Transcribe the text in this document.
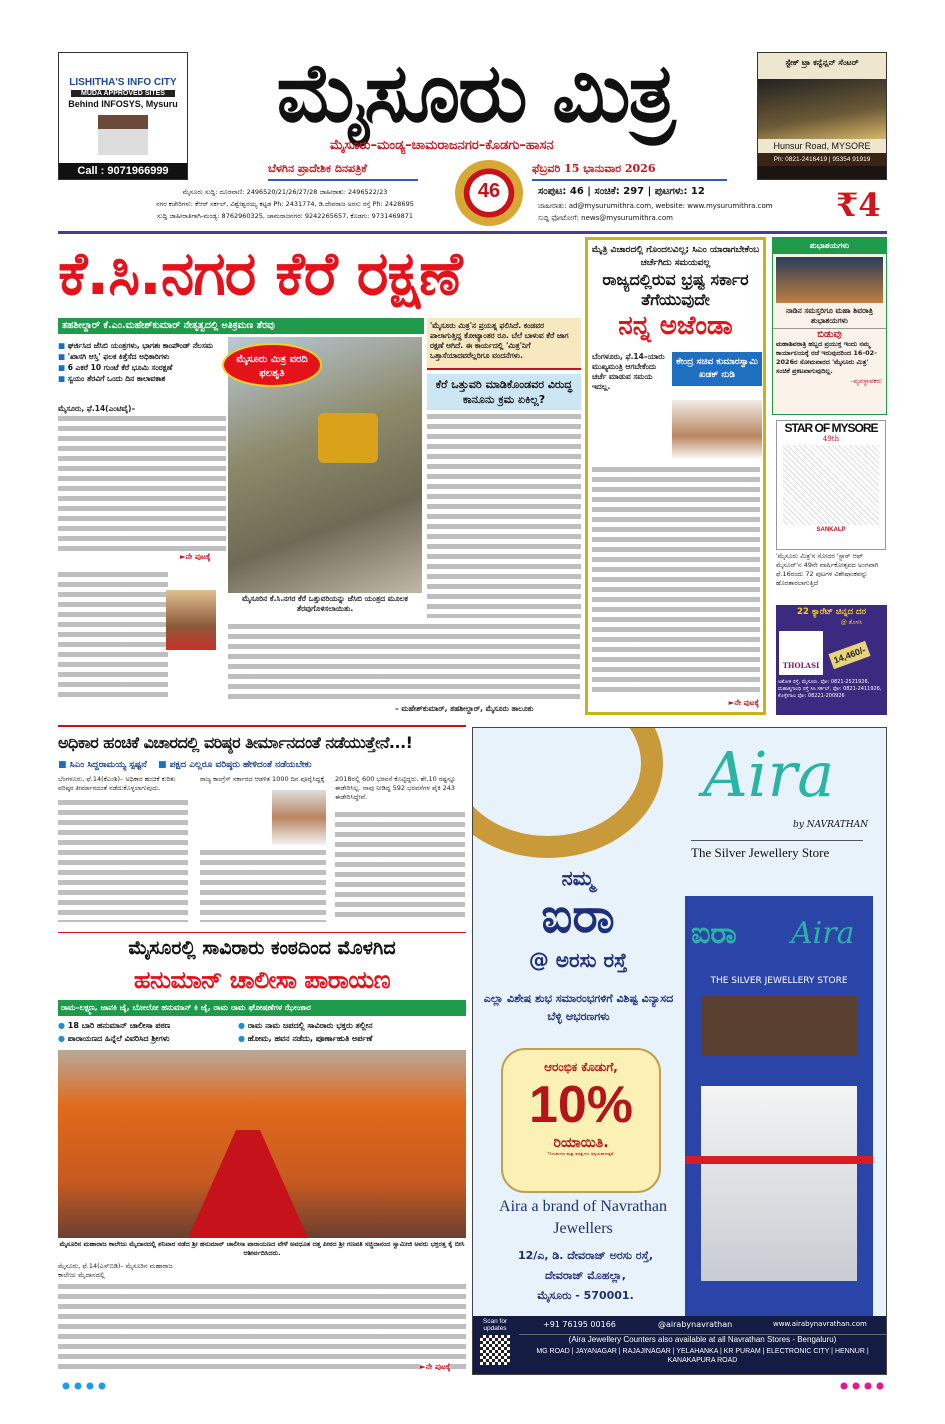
LISHITHA'S INFO CITY
MUDA APPROVED SITES
Behind INFOSYS, Mysuru
Call : 9071966999
ಮೈಸೂರು ಮಿತ್ರ
ಮೈಸೂರು–ಮಂಡ್ಯ–ಚಾಮರಾಜನಗರ–ಕೊಡಗು–ಹಾಸನ
ಬೆಳಗಿನ ಪ್ರಾದೇಶಿಕ ದಿನಪತ್ರಿಕೆ	ಫೆಬ್ರವರಿ 15 ಭಾನುವಾರ 2026
46
ಸ್ಟೇಕ್ ಟ್ರಾ ಕನ್ವೆನ್ಷನ್ ಸೆಂಟರ್
Hunsur Road, MYSORE
Ph: 0821-2416419 | 95354 91919
ಮೈಸೂರು ಸುದ್ದಿ: ದೂರವಾಣಿ: 2496520/21/26/27/28 ಜಾಹೀರಾತು: 2496522/23
ನಗರ ಕಚೇರಿಗಳು: ಕೆಆರ್ ಸರ್ಕಲ್, ವಿಶ್ವೇಶ್ವರಯ್ಯ ಕಟ್ಟಡ Ph: 2431774, ಡಿ.ದೇವರಾಜ ಅರಸು ರಸ್ತೆ Ph: 2428695
ಸುದ್ದಿ ಜಾಹೀರಾತಿಗಾಗಿ-ಮಂಡ್ಯ: 8762960325, ಚಾಮರಾಜನಗರ: 9242265657, ಕೊಡಗು: 9731469871
ಸಂಪುಟ: 46 | ಸಂಚಿಕೆ: 297 | ಪುಟಗಳು: 12
ಜಾಹೀರಾತು: ad@mysurumithra.com, website: www.mysurumithra.com
ಸುದ್ದಿ ಫೋಟೋಗೆ: news@mysurumithra.com	₹4
ಕೆ.ಸಿ.ನಗರ ಕೆರೆ ರಕ್ಷಣೆ
ತಹಶೀಲ್ದಾರ್ ಕೆ.ಎಂ.ಮಹೇಶ್‌ಕುಮಾರ್ ನೇತೃತ್ವದಲ್ಲಿ ಅತಿಕ್ರಮಣ ತೆರವು
■ ಘರ್ಜಿಸಿದ ಜೆಸಿಬಿ ಯಂತ್ರಗಳು, ಭಾಗಶಃ ಕಾಂಪೌಂಡ್ ನೆಲಸಮ
■ 'ಖಾಸಗಿ ಆಸ್ತಿ' ಫಲಕ ಕಿತ್ತೆಸೆದ ಅಧಿಕಾರಿಗಳು
■ 6 ಎಕರೆ 10 ಗುಂಟೆ ಕೆರೆ ಭೂಮಿ ಸಂರಕ್ಷಣೆ
■ ಸ್ವಯಂ ತೆರವಿಗೆ ಒಂದು ದಿನ ಕಾಲಾವಕಾಶ
ಮೈಸೂರು, ಫೆ.14(ಎಂಟಿವೈ)–
►ನೇ ಪುಟಕ್ಕೆ
ಮೈಸೂರು ಮಿತ್ರ ವರದಿ ಫಲಶೃತಿ
ಮೈಸೂರಿನ ಕೆ.ಸಿ.ನಗರ ಕೆರೆ ಒತ್ತುವರಿಯನ್ನು ಜೆಸಿಬಿ ಯಂತ್ರದ ಮೂಲಕ ತೆರವುಗೊಳಿಸಲಾಯಿತು.
'ಮೈಸೂರು ಮಿತ್ರ'ನ ಪ್ರಯತ್ನ ಫಲಿಸಿದೆ. ಕಂಡವರ ಪಾಲಾಗುತ್ತಿದ್ದ ಕೋಟ್ಯಾಂತರ ರೂ. ಬೆಲೆ ಬಾಳುವ ಕೆರೆ ಜಾಗ ರಕ್ಷಣೆ ಆಗಿದೆ. ಈ ಕಾರ್ಯದಲ್ಲಿ 'ಮಿತ್ರ'ನಿಗೆ ಒತ್ತಾಸೆಯಾದವರೆಲ್ಲರಿಗೂ ವಂದನೆಗಳು.
ಕೆರೆ ಒತ್ತುವರಿ ಮಾಡಿಕೊಂಡವರ ವಿರುದ್ಧ ಕಾನೂನು ಕ್ರಮ ಏಕಿಲ್ಲ?
– ಮಹೇಶ್‌ಕುಮಾರ್, ತಹಶೀಲ್ದಾರ್, ಮೈಸೂರು ತಾಲೂಕು
ಮೈತ್ರಿ ವಿಚಾರದಲ್ಲಿ ಗೊಂದಲವಿಲ್ಲ; ಸಿಎಂ ಯಾರಾಗಬೇಕೆಂಬ ಚರ್ಚೆಗಿದು ಸಮಯವಲ್ಲ
ರಾಜ್ಯದಲ್ಲಿರುವ ಭ್ರಷ್ಟ ಸರ್ಕಾರ ತೆಗೆಯುವುದೇ
ನನ್ನ ಅಜೆಂಡಾ
ಕೇಂದ್ರ ಸಚಿವ ಕುಮಾರಸ್ವಾಮಿ ಖಡಕ್ ನುಡಿ
ಬೆಂಗಳೂರು, ಫೆ.14–ಯಾರು ಮುಖ್ಯಮಂತ್ರಿ ಆಗಬೇಕೆಂದು ಚರ್ಚೆ ಮಾಡುವ ಸಮಯ ಇದಲ್ಲ.
►ನೇ ಪುಟಕ್ಕೆ
ಶುಭಾಶಯಗಳು
ನಾಡಿನ ಸಮಸ್ತರಿಗೂ ಮಹಾ ಶಿವರಾತ್ರಿ ಶುಭಾಶಯಗಳು
ಬಿಡುವು
ಮಹಾಶಿವರಾತ್ರಿ ಹಬ್ಬದ ಪ್ರಯುಕ್ತ ಇಂದು ನಮ್ಮ ಕಾರ್ಯಾಲಯಕ್ಕೆ ರಜೆ ಇರುವುದರಿಂದ 16-02-2026ರ ಸೋಮವಾರದ 'ಮೈಸೂರು ಮಿತ್ರ' ಸಂಚಿಕೆ ಪ್ರಕಟವಾಗುವುದಿಲ್ಲ.
–ವ್ಯವಸ್ಥಾಪಕರು
STAR OF MYSORE
49th
SANKALP
'ಮೈಸೂರು ಮಿತ್ರ'ನ ಸೋದರ 'ಸ್ಟಾರ್ ಆಫ್ ಮೈಸೂರ್'ನ 49ನೇ ವಾರ್ಷಿಕೋತ್ಸವದ ಅಂಗವಾಗಿ ಫೆ.16ರಂದು 72 ಪುಟಗಳ ವಿಶೇಷಾಂಕವನ್ನು ಹೊರತಾರಲಾಗುತ್ತಿದೆ
22 ಕ್ಯಾರೆಟ್ ಚಿನ್ನದ ದರ
@ ತೊಳಸಿ
THOLASI
14,460/-
ಅಶೋಕ ರಸ್ತೆ, ಮೈಸೂರು. ಫೋ: 0821-2521926, ಮಹಾತ್ಮಗಾಂಧಿ ರಸ್ತೆ ಸಿಸಿ ಸರ್ಕಲ್, ಫೋ: 0821-2411926, ಕೊಳ್ಳೇಗಾಲ ಫೋ: 08221-200926
ಅಧಿಕಾರ ಹಂಚಿಕೆ ವಿಚಾರದಲ್ಲಿ ವರಿಷ್ಠರ ತೀರ್ಮಾನದಂತೆ ನಡೆಯುತ್ತೇನೆ...!
■ ಸಿಎಂ ಸಿದ್ದರಾಮಯ್ಯ ಸ್ಪಷ್ಟನೆ	■ ಪಕ್ಷದ ಎಲ್ಲರೂ ವರಿಷ್ಠರು ಹೇಳಿದಂತೆ ನಡೆಯಬೇಕು
ಬೆಂಗಳೂರು, ಫೆ.14(ಕೆಎಂಶಿ)– ಅಧಿಕಾರ ಹಂಚಿಕೆ ಕುರಿತು ವರಿಷ್ಠರ ತೀರ್ಮಾನದಂತೆ ನಡೆದುಕೊಳ್ಳಲಾಗುವುದು.
ರಾಜ್ಯ ಕಾಂಗ್ರೆಸ್ ಸರ್ಕಾರದ ಆಡಳಿತ 1000 ದಿನ ಪೂರೈಸಿದ್ದಕ್ಕೆ 2018ರಲ್ಲಿ 600 ಭರವಸೆ ಕೊಟ್ಟಿದ್ದರು. ಶೇ.10 ರಷ್ಟನ್ನೂ ಈಡೇರಿಸಿಲ್ಲ. ನಾವು ನೀಡಿದ್ದ 592 ಭರವಸೆಗಳ ಪೈಕಿ 243 ಈಡೇರಿಸಿದ್ದೇವೆ.
ಮೈಸೂರಲ್ಲಿ ಸಾವಿರಾರು ಕಂಠದಿಂದ ಮೊಳಗಿದ
ಹನುಮಾನ್ ಚಾಲೀಸಾ ಪಾರಾಯಣ
ರಾಮ–ಲಕ್ಷ್ಮಣ, ಜಾನಕಿ ಜೈ, ಬೋಲೋ ಹನುಮಾನ್ ಕಿ ಜೈ, ರಾಮ ರಾಮ ಘೋಷಣೆಗಳ ಝೇಂಕಾರ
● 18 ಬಾರಿ ಹನುಮಾನ್ ಚಾಲೀಸಾ ಪಠಣ	● ರಾಮ ನಾಮ ಜಪದಲ್ಲಿ ಸಾವಿರಾರು ಭಕ್ತರು ತಲ್ಲೀನ
● ಪಾರಾಯಣದ ಹಿನ್ನೆಲೆ ವಿವರಿಸಿದ ಶ್ರೀಗಳು	● ಹೋಮ, ಹವನ ನಡೆದು, ಪೂರ್ಣಾಹುತಿ ಅರ್ಪಣೆ
ಮೈಸೂರಿನ ಮಹಾರಾಜ ಕಾಲೇಜು ಮೈದಾನದಲ್ಲಿ ಶನಿವಾರ ನಡೆದ ಶ್ರೀ ಹನುಮಾನ್ ಚಾಲೀಸಾ ಪಾರಾಯಣದ ವೇಳೆ ಅವಧೂತ ದತ್ತ ಪೀಠದ ಶ್ರೀ ಗಣಪತಿ ಸಚ್ಚಿದಾನಂದ ಸ್ವಾಮೀಜಿ ಅವರು ಭಕ್ತರತ್ತ ಕೈ ಬೀಸಿ ಆಶೀರ್ವದಿಸಿದರು.
ಮೈಸೂರು, ಫೆ.14(ಎಸ್‌ಬಿಡಿ)– ಮೈಸೂರಿನ ಮಹಾರಾಜ ಕಾಲೇಜು ಮೈದಾನದಲ್ಲಿ
►ನೇ ಪುಟಕ್ಕೆ
Aira
by NAVRATHAN
The Silver Jewellery Store
ನಮ್ಮ
ಐರಾ
@ ಅರಸು ರಸ್ತೆ
ಎಲ್ಲಾ ವಿಶೇಷ ಶುಭ ಸಮಾರಂಭಗಳಿಗೆ ವಿಶಿಷ್ಟ ವಿನ್ಯಾಸದ ಬೆಳ್ಳಿ ಆಭರಣಗಳು
ಐರಾ Aira
THE SILVER JEWELLERY STORE
ಆರಂಭಿಕ ಕೊಡುಗೆ,
10%
ರಿಯಾಯಿತಿ.
*ನಿಯಮಗಳು ಮತ್ತು ಷರತ್ತುಗಳು ಅನ್ವಯವಾಗುತ್ತವೆ.
Aira a brand of Navrathan Jewellers
12/ಎ, ಡಿ. ದೇವರಾಜ್ ಅರಸು ರಸ್ತೆ,
ದೇವರಾಜ್ ಮೊಹಲ್ಲಾ,
ಮೈಸೂರು - 570001.
Scan for updates	+91 76195 00166	@airabynavrathan	www.airabynavrathan.com
(Aira Jewellery Counters also available at all Navrathan Stores - Bengaluru)
MG ROAD | JAYANAGAR | RAJAJINAGAR | YELAHANKA | KR PURAM | ELECTRONIC CITY | HENNUR | KANAKAPURA ROAD
